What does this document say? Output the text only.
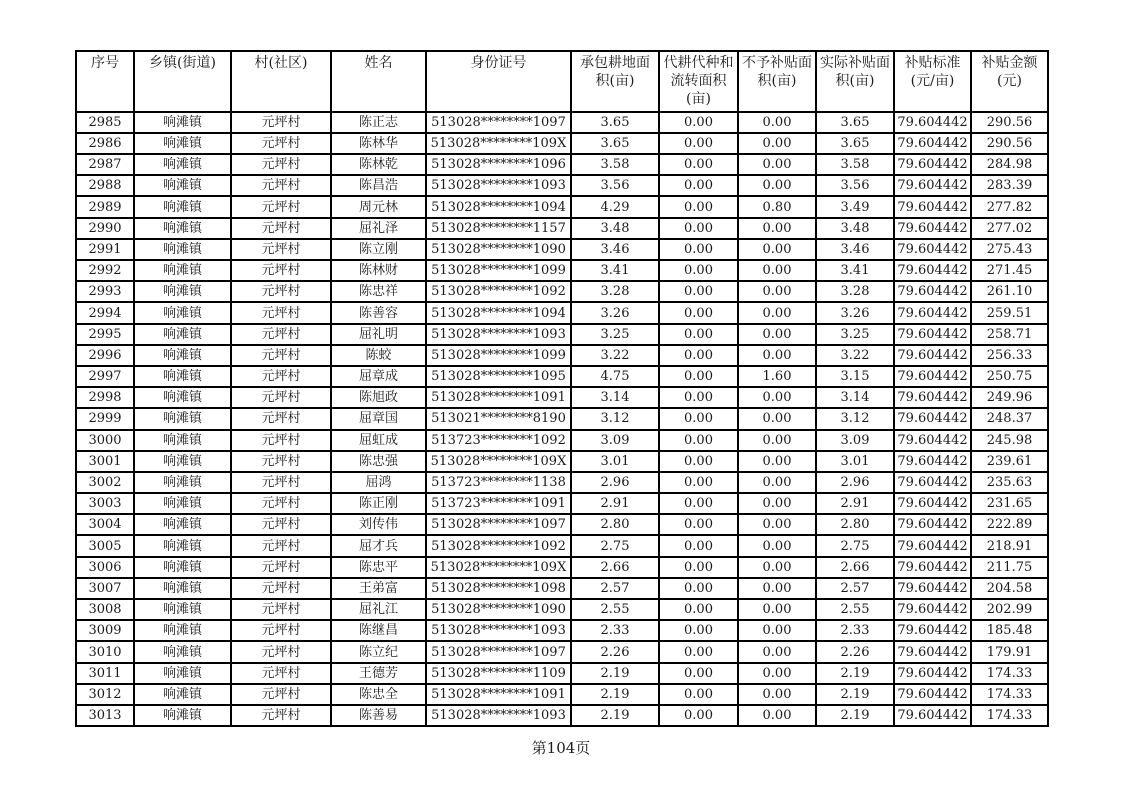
序号	乡镇(街道)	村(社区)	姓名	身份证号	承包耕地面积(亩)	代耕代种和流转面积(亩)	不予补贴面积(亩)	实际补贴面积(亩)	补贴标准(元/亩)	补贴金额(元)
2985	响滩镇	元坪村	陈正志	513028********1097	3.65	0.00	0.00	3.65	79.604442	290.56
2986	响滩镇	元坪村	陈林华	513028********109X	3.65	0.00	0.00	3.65	79.604442	290.56
2987	响滩镇	元坪村	陈林乾	513028********1096	3.58	0.00	0.00	3.58	79.604442	284.98
2988	响滩镇	元坪村	陈昌浩	513028********1093	3.56	0.00	0.00	3.56	79.604442	283.39
2989	响滩镇	元坪村	周元林	513028********1094	4.29	0.00	0.80	3.49	79.604442	277.82
2990	响滩镇	元坪村	屈礼泽	513028********1157	3.48	0.00	0.00	3.48	79.604442	277.02
2991	响滩镇	元坪村	陈立刚	513028********1090	3.46	0.00	0.00	3.46	79.604442	275.43
2992	响滩镇	元坪村	陈林财	513028********1099	3.41	0.00	0.00	3.41	79.604442	271.45
2993	响滩镇	元坪村	陈忠祥	513028********1092	3.28	0.00	0.00	3.28	79.604442	261.10
2994	响滩镇	元坪村	陈善容	513028********1094	3.26	0.00	0.00	3.26	79.604442	259.51
2995	响滩镇	元坪村	屈礼明	513028********1093	3.25	0.00	0.00	3.25	79.604442	258.71
2996	响滩镇	元坪村	陈蛟	513028********1099	3.22	0.00	0.00	3.22	79.604442	256.33
2997	响滩镇	元坪村	屈章成	513028********1095	4.75	0.00	1.60	3.15	79.604442	250.75
2998	响滩镇	元坪村	陈旭政	513028********1091	3.14	0.00	0.00	3.14	79.604442	249.96
2999	响滩镇	元坪村	屈章国	513021********8190	3.12	0.00	0.00	3.12	79.604442	248.37
3000	响滩镇	元坪村	屈虹成	513723********1092	3.09	0.00	0.00	3.09	79.604442	245.98
3001	响滩镇	元坪村	陈忠强	513028********109X	3.01	0.00	0.00	3.01	79.604442	239.61
3002	响滩镇	元坪村	屈鸿	513723********1138	2.96	0.00	0.00	2.96	79.604442	235.63
3003	响滩镇	元坪村	陈正刚	513723********1091	2.91	0.00	0.00	2.91	79.604442	231.65
3004	响滩镇	元坪村	刘传伟	513028********1097	2.80	0.00	0.00	2.80	79.604442	222.89
3005	响滩镇	元坪村	屈才兵	513028********1092	2.75	0.00	0.00	2.75	79.604442	218.91
3006	响滩镇	元坪村	陈忠平	513028********109X	2.66	0.00	0.00	2.66	79.604442	211.75
3007	响滩镇	元坪村	王弟富	513028********1098	2.57	0.00	0.00	2.57	79.604442	204.58
3008	响滩镇	元坪村	屈礼江	513028********1090	2.55	0.00	0.00	2.55	79.604442	202.99
3009	响滩镇	元坪村	陈继昌	513028********1093	2.33	0.00	0.00	2.33	79.604442	185.48
3010	响滩镇	元坪村	陈立纪	513028********1097	2.26	0.00	0.00	2.26	79.604442	179.91
3011	响滩镇	元坪村	王德芳	513028********1109	2.19	0.00	0.00	2.19	79.604442	174.33
3012	响滩镇	元坪村	陈忠全	513028********1091	2.19	0.00	0.00	2.19	79.604442	174.33
3013	响滩镇	元坪村	陈善易	513028********1093	2.19	0.00	0.00	2.19	79.604442	174.33
第104页
